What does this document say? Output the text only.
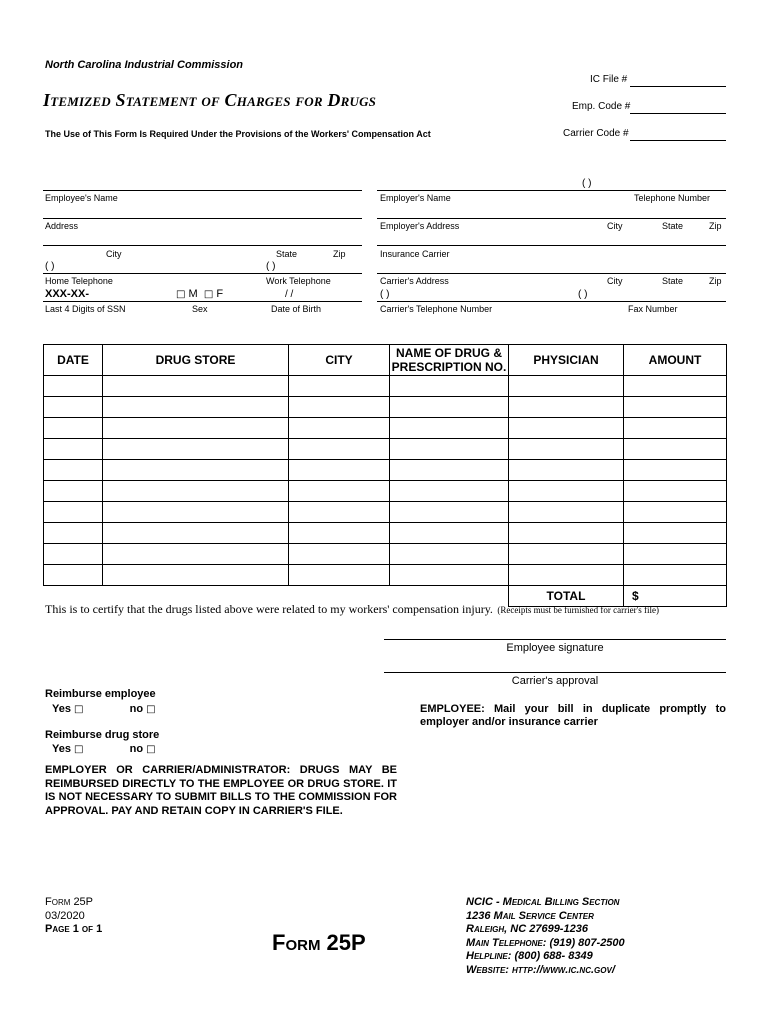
North Carolina Industrial Commission
IC File #
Itemized Statement of Charges for Drugs	Emp. Code #
The Use of This Form Is Required Under the Provisions of the Workers' Compensation Act	Carrier Code #
Employee's Name
Address
City	State	Zip
( )	( )
Home Telephone	Work Telephone
XXX-XX-	□ M □ F	/ /
Last 4 Digits of SSN	Sex	Date of Birth
( )
Employer's Name	Telephone Number
Employer's Address	City	State	Zip
Insurance Carrier
Carrier's Address	City	State	Zip
( )	( )
Carrier's Telephone Number	Fax Number
DATE	DRUG STORE	CITY	NAME OF DRUG & PRESCRIPTION NO.	PHYSICIAN	AMOUNT

				TOTAL	$
This is to certify that the drugs listed above were related to my workers' compensation injury. (Receipts must be furnished for carrier's file)
Employee signature
Carrier's approval
Reimburse employee
Yes □	no □
Reimburse drug store
Yes □	no □
EMPLOYEE: Mail your bill in duplicate promptly to employer and/or insurance carrier
EMPLOYER OR CARRIER/ADMINISTRATOR: DRUGS MAY BE REIMBURSED DIRECTLY TO THE EMPLOYEE OR DRUG STORE. IT IS NOT NECESSARY TO SUBMIT BILLS TO THE COMMISSION FOR APPROVAL. PAY AND RETAIN COPY IN CARRIER'S FILE.
Form 25P
03/2020
Page 1 of 1
Form 25P
NCIC - Medical Billing Section
1236 Mail Service Center
Raleigh, NC 27699-1236
Main Telephone: (919) 807-2500
Helpline: (800) 688- 8349
Website: http://www.ic.nc.gov/
